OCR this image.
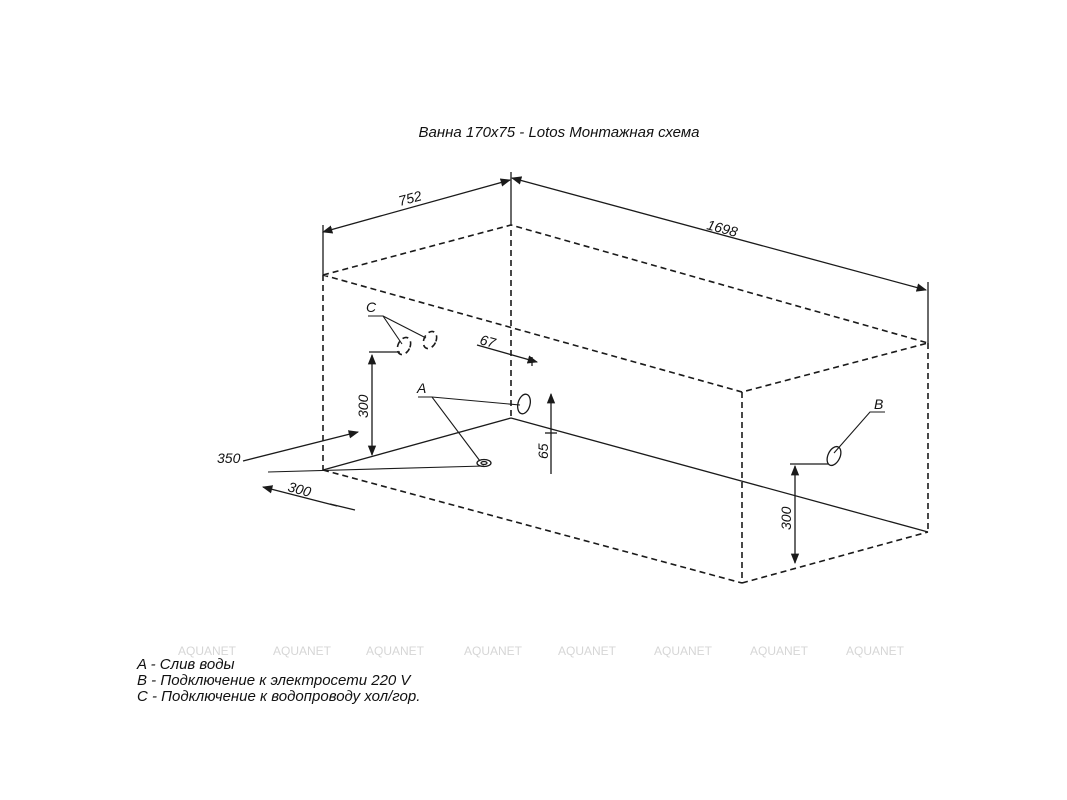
Ванна 170х75 - Lotos Монтажная схема
752
1698
C
300
350
A
300
67
65
B
300
AQUANET	AQUANET	AQUANET	AQUANET	AQUANET	AQUANET	AQUANET	AQUANET
A - Слив воды
B - Подключение к электросети 220 V
C - Подключение к водопроводу хол/гор.
